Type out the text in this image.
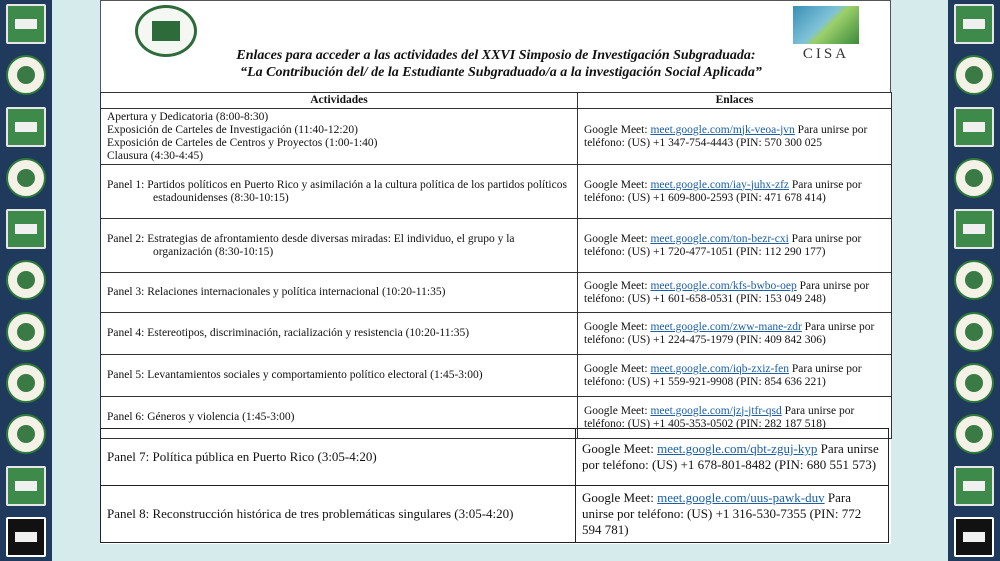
Enlaces para acceder a las actividades del XXVI Simposio de Investigación Subgraduada:
“La Contribución del/ de la Estudiante Subgraduado/a a la investigación Social Aplicada”
CISA
Actividades	Enlaces

Apertura y Dedicatoria (8:00-8:30)
Exposición de Carteles de Investigación (11:40-12:20)
Exposición de Carteles de Centros y Proyectos (1:00-1:40)
Clausura (4:30-4:45)	Google Meet: meet.google.com/mjk-veoa-jvn Para unirse por teléfono: (US) +1 347-754-4443 (PIN: 570 300 025

Panel 1: Partidos políticos en Puerto Rico y asimilación a la cultura política de los partidos políticos estadounidenses (8:30-10:15)	Google Meet: meet.google.com/iay-juhx-zfz Para unirse por teléfono: (US) +1 609-800-2593 (PIN: 471 678 414)

Panel 2: Estrategias de afrontamiento desde diversas miradas: El individuo, el grupo y la organización (8:30-10:15)	Google Meet: meet.google.com/ton-bezr-cxi Para unirse por teléfono: (US) +1 720-477-1051 (PIN: 112 290 177)
Panel 3: Relaciones internacionales y política internacional (10:20-11:35)	Google Meet: meet.google.com/kfs-bwbo-oep Para unirse por teléfono: (US) +1 601-658-0531 (PIN: 153 049 248)
Panel 4: Estereotipos, discriminación, racialización y resistencia (10:20-11:35)	Google Meet: meet.google.com/zww-mane-zdr Para unirse por teléfono: (US) +1 224-475-1979 (PIN: 409 842 306)
Panel 5: Levantamientos sociales y comportamiento político electoral (1:45-3:00)	Google Meet: meet.google.com/iqb-zxiz-fen Para unirse por teléfono: (US) +1 559-921-9908 (PIN: 854 636 221)
Panel 6: Géneros y violencia (1:45-3:00)	Google Meet: meet.google.com/jzj-jtfr-qsd Para unirse por teléfono: (US) +1 405-353-0502 (PIN: 282 187 518)
Panel 7: Política pública en Puerto Rico (3:05-4:20)	Google Meet: meet.google.com/qbt-zguj-kyp Para unirse por teléfono: (US) +1 678-801-8482 (PIN: 680 551 573)
Panel 8: Reconstrucción histórica de tres problemáticas singulares (3:05-4:20)	Google Meet: meet.google.com/uus-pawk-duv Para unirse por teléfono: (US) +1 316-530-7355 (PIN: 772 594 781)
